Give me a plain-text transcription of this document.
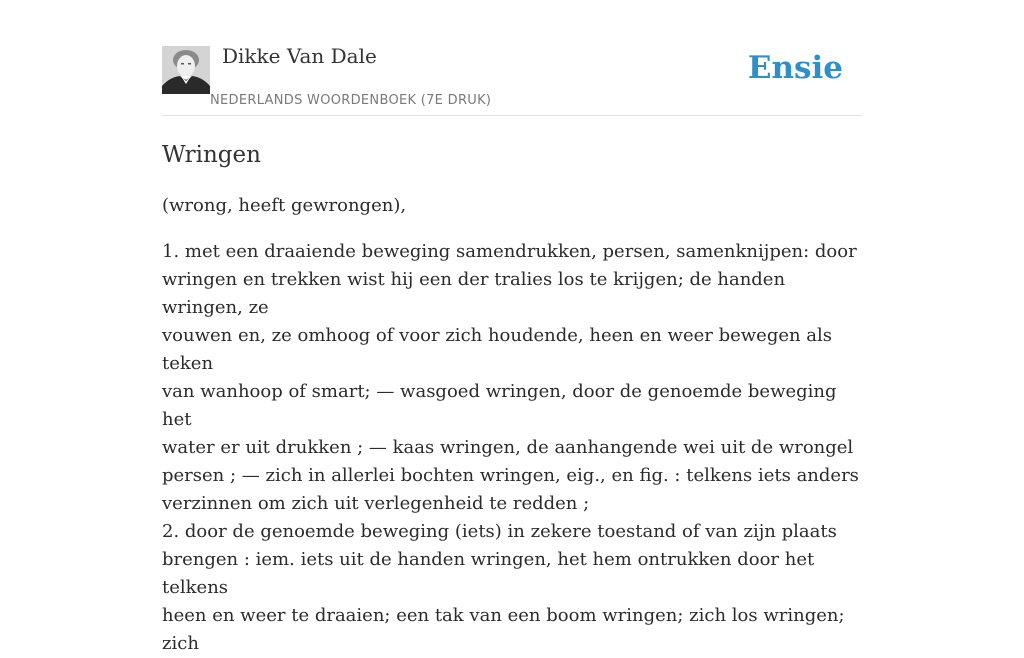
Dikke Van Dale
NEDERLANDS WOORDENBOEK (7E DRUK)
Ensie
Wringen
(wrong, heeft gewrongen),
1. met een draaiende beweging samendrukken, persen, samenknijpen: door
wringen en trekken wist hij een der tralies los te krijgen; de handen wringen, ze
vouwen en, ze omhoog of voor zich houdende, heen en weer bewegen als teken
van wanhoop of smart; — wasgoed wringen, door de genoemde beweging het
water er uit drukken ; — kaas wringen, de aanhangende wei uit de wrongel
persen ; — zich in allerlei bochten wringen, eig., en fig. : telkens iets anders
verzinnen om zich uit verlegenheid te redden ;
2. door de genoemde beweging (iets) in zekere toestand of van zijn plaats
brengen : iem. iets uit de handen wringen, het hem ontrukken door het telkens
heen en weer te draaien; een tak van een boom wringen; zich los wringen; zich
